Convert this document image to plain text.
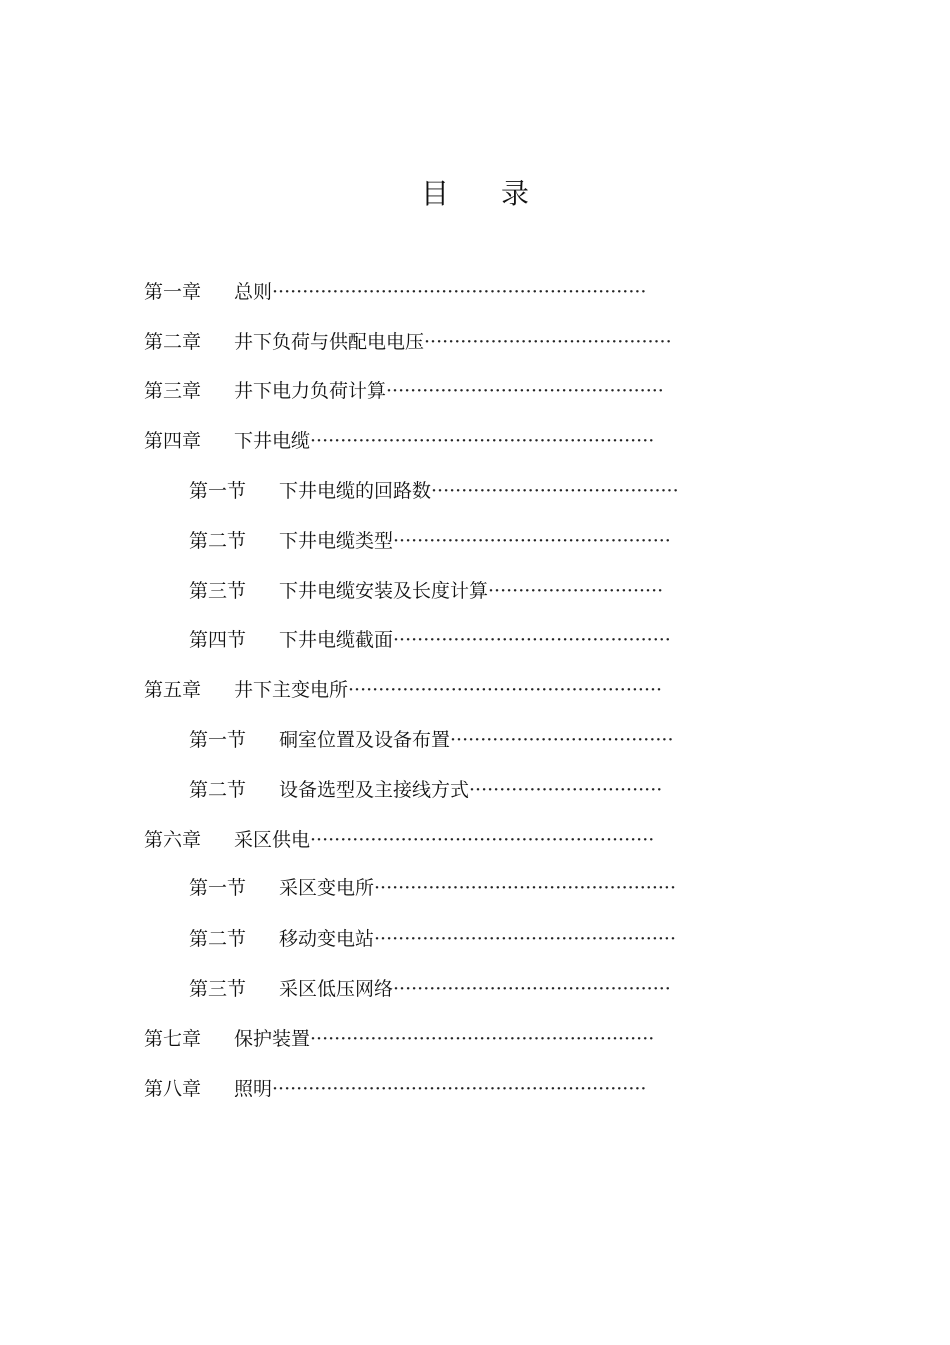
目 录
第一章 总则······························································
第二章 井下负荷与供配电电压·········································
第三章 井下电力负荷计算··············································
第四章 下井电缆·························································
第一节 下井电缆的回路数·········································
第二节 下井电缆类型··············································
第三节 下井电缆安装及长度计算·····························
第四节 下井电缆截面··············································
第五章 井下主变电所····················································
第一节 硐室位置及设备布置·····································
第二节 设备选型及主接线方式································
第六章 采区供电·························································
第一节 采区变电所··················································
第二节 移动变电站··················································
第三节 采区低压网络··············································
第七章 保护装置·························································
第八章 照明······························································
